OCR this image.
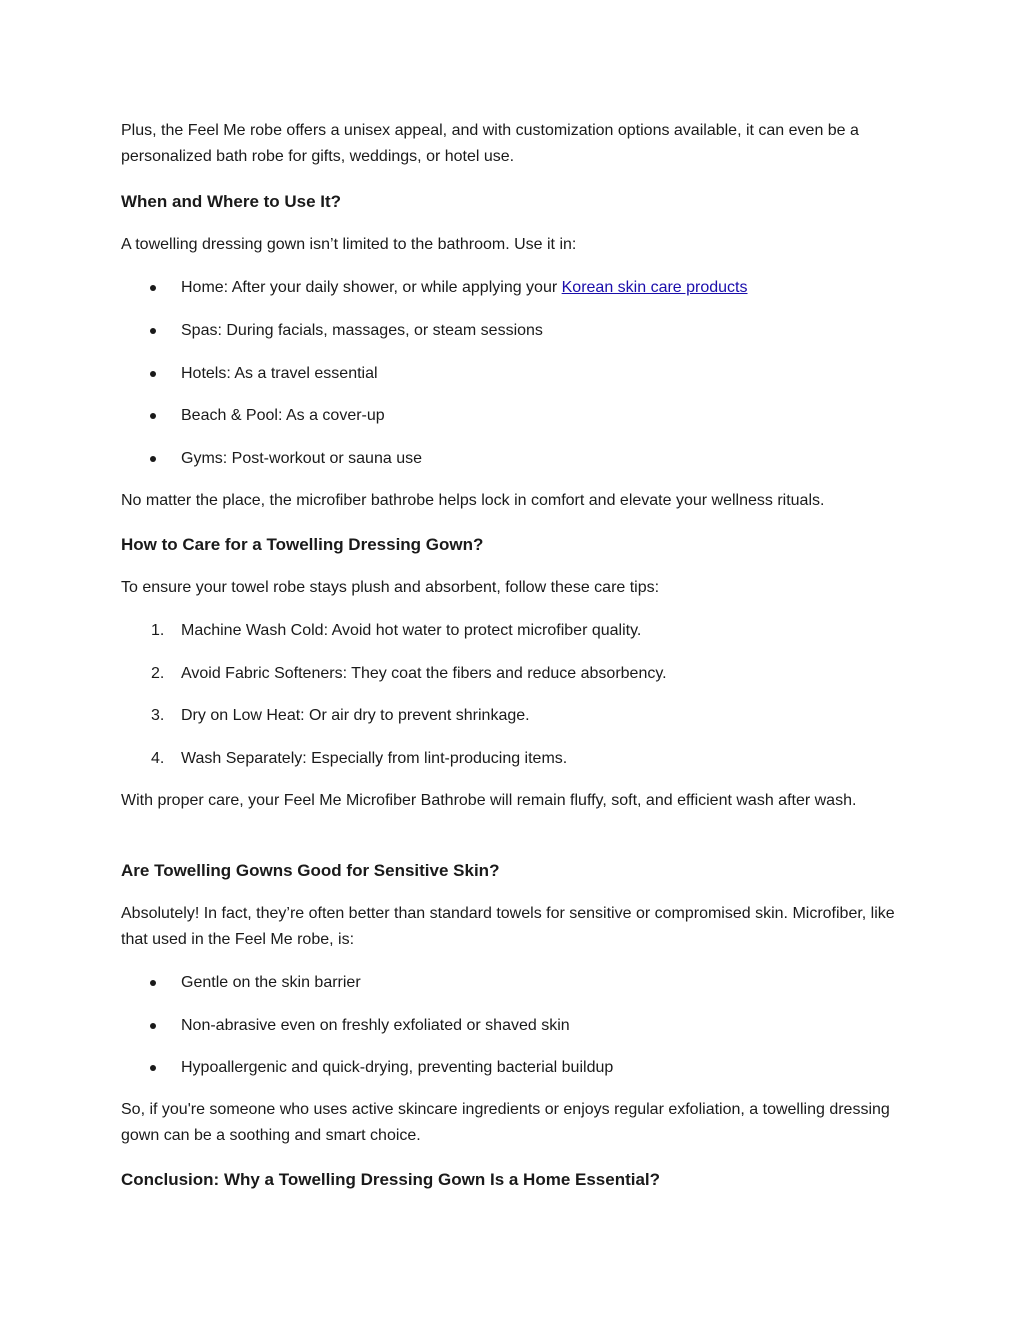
Plus, the Feel Me robe offers a unisex appeal, and with customization options available, it can even be a personalized bath robe for gifts, weddings, or hotel use.

When and Where to Use It?

A towelling dressing gown isn’t limited to the bathroom. Use it in:

Home: After your daily shower, or while applying your Korean skin care products
Spas: During facials, massages, or steam sessions
Hotels: As a travel essential
Beach & Pool: As a cover-up
Gyms: Post-workout or sauna use

No matter the place, the microfiber bathrobe helps lock in comfort and elevate your wellness rituals.

How to Care for a Towelling Dressing Gown?

To ensure your towel robe stays plush and absorbent, follow these care tips:

1. Machine Wash Cold: Avoid hot water to protect microfiber quality.
2. Avoid Fabric Softeners: They coat the fibers and reduce absorbency.
3. Dry on Low Heat: Or air dry to prevent shrinkage.
4. Wash Separately: Especially from lint-producing items.

With proper care, your Feel Me Microfiber Bathrobe will remain fluffy, soft, and efficient wash after wash.

Are Towelling Gowns Good for Sensitive Skin?

Absolutely! In fact, they’re often better than standard towels for sensitive or compromised skin. Microfiber, like that used in the Feel Me robe, is:

Gentle on the skin barrier
Non-abrasive even on freshly exfoliated or shaved skin
Hypoallergenic and quick-drying, preventing bacterial buildup

So, if you're someone who uses active skincare ingredients or enjoys regular exfoliation, a towelling dressing gown can be a soothing and smart choice.

Conclusion: Why a Towelling Dressing Gown Is a Home Essential?
